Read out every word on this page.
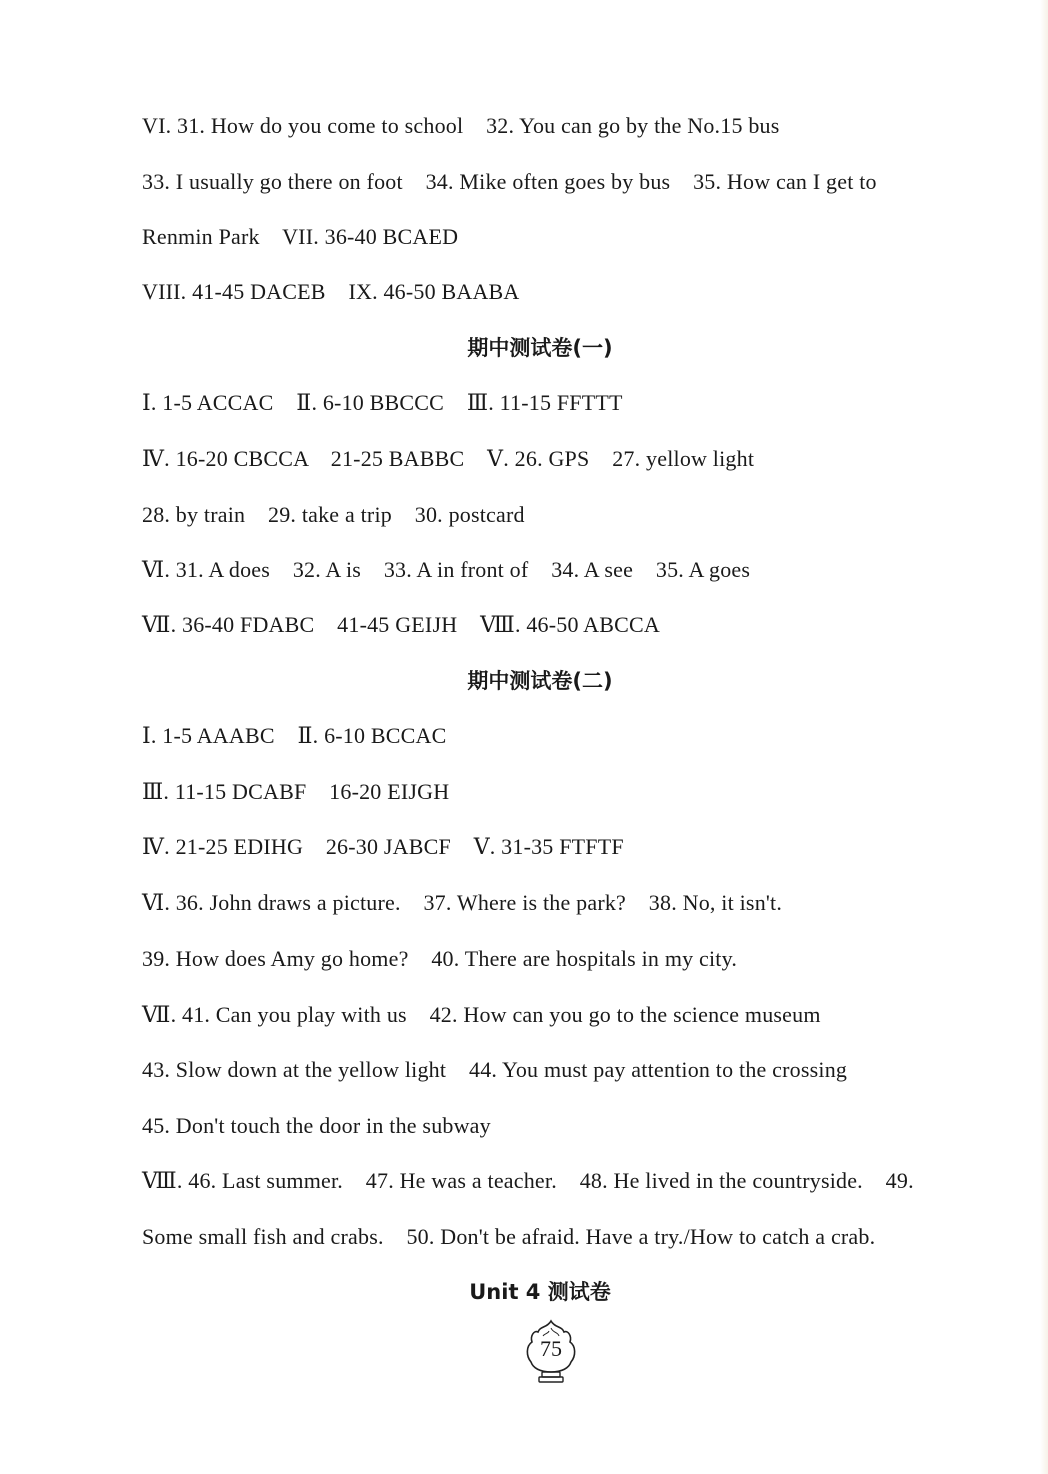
VI. 31. How do you come to school    32. You can go by the No.15 bus
33. I usually go there on foot    34. Mike often goes by bus    35. How can I get to
Renmin Park    VII. 36-40 BCAED
VIII. 41-45 DACEB    IX. 46-50 BAABA
期中测试卷(一)
Ⅰ. 1-5 ACCAC    Ⅱ. 6-10 BBCCC    Ⅲ. 11-15 FFTTT
Ⅳ. 16-20 CBCCA    21-25 BABBC    Ⅴ. 26. GPS    27. yellow light
28. by train    29. take a trip    30. postcard
Ⅵ. 31. A does    32. A is    33. A in front of    34. A see    35. A goes
Ⅶ. 36-40 FDABC    41-45 GEIJH    Ⅷ. 46-50 ABCCA
期中测试卷(二)
Ⅰ. 1-5 AAABC    Ⅱ. 6-10 BCCAC
Ⅲ. 11-15 DCABF    16-20 EIJGH
Ⅳ. 21-25 EDIHG    26-30 JABCF    Ⅴ. 31-35 FTFTF
Ⅵ. 36. John draws a picture.    37. Where is the park?    38. No, it isn't.
39. How does Amy go home?    40. There are hospitals in my city.
Ⅶ. 41. Can you play with us    42. How can you go to the science museum
43. Slow down at the yellow light    44. You must pay attention to the crossing
45. Don't touch the door in the subway
Ⅷ. 46. Last summer.    47. He was a teacher.    48. He lived in the countryside.    49.
Some small fish and crabs.    50. Don't be afraid. Have a try./How to catch a crab.
Unit 4 测试卷
75
